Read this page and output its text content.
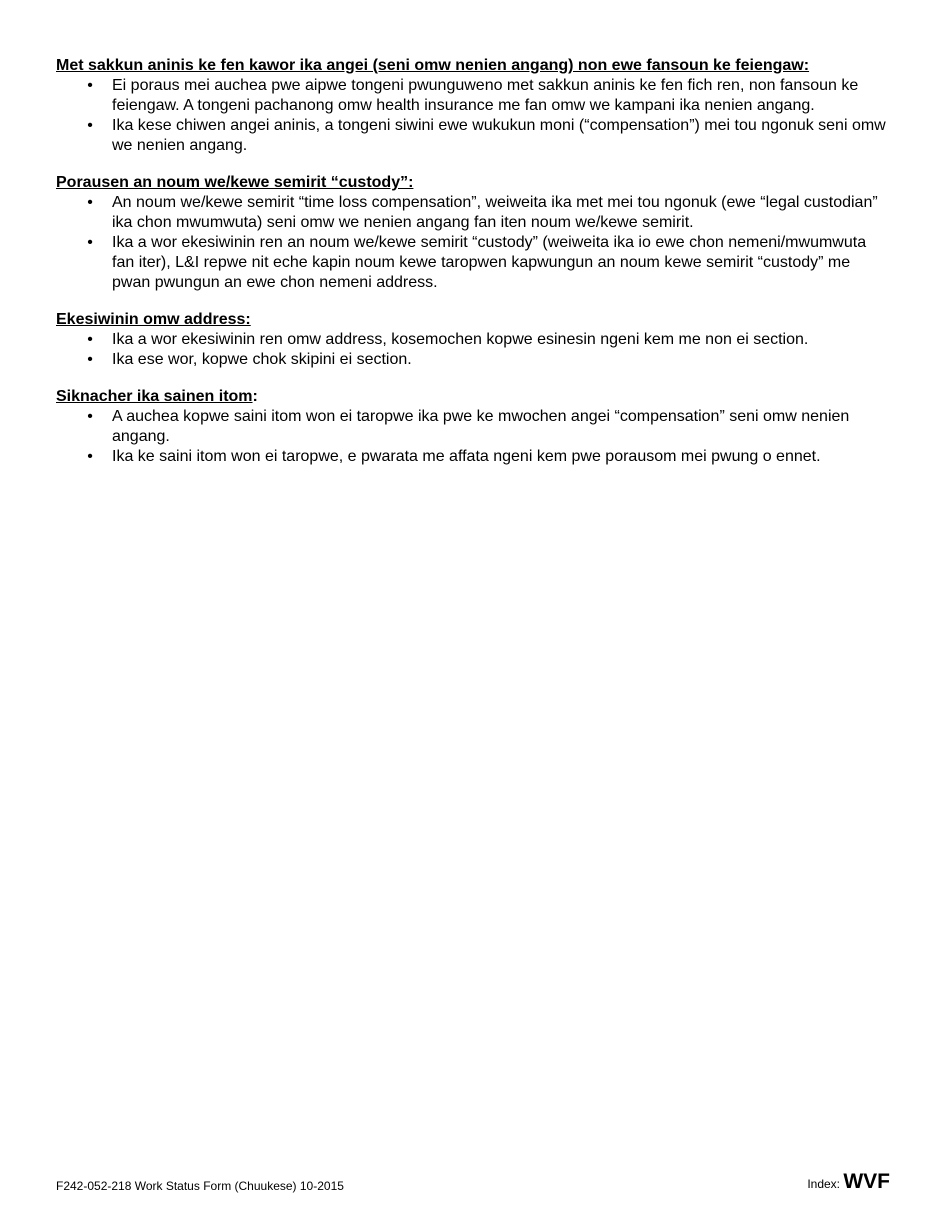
Met sakkun aninis ke fen kawor ika angei (seni omw nenien angang) non ewe fansoun ke feiengaw:

• Ei poraus mei auchea pwe aipwe tongeni pwunguweno met sakkun aninis ke fen fich ren, non fansoun ke feiengaw. A tongeni pachanong omw health insurance me fan omw we kampani ika nenien angang.
• Ika kese chiwen angei aninis, a tongeni siwini ewe wukukun moni (“compensation”) mei tou ngonuk seni omw we nenien angang.

Porausen an noum we/kewe semirit “custody”:

• An noum we/kewe semirit “time loss compensation”, weiweita ika met mei tou ngonuk (ewe “legal custodian” ika chon mwumwuta) seni omw we nenien angang fan iten noum we/kewe semirit.
• Ika a wor ekesiwinin ren an noum we/kewe semirit “custody” (weiweita ika io ewe chon nemeni/mwumwuta fan iter), L&I repwe nit eche kapin noum kewe taropwen kapwungun an noum kewe semirit “custody” me pwan pwungun an ewe chon nemeni address.

Ekesiwinin omw address:

• Ika a wor ekesiwinin ren omw address, kosemochen kopwe esinesin ngeni kem me non ei section.
• Ika ese wor, kopwe chok skipini ei section.

Siknacher ika sainen itom:

• A auchea kopwe saini itom won ei taropwe ika pwe ke mwochen angei “compensation” seni omw nenien angang.
• Ika ke saini itom won ei taropwe, e pwarata me affata ngeni kem pwe porausom mei pwung o ennet.
F242-052-218 Work Status Form (Chuukese) 10-2015	Index: WVF
